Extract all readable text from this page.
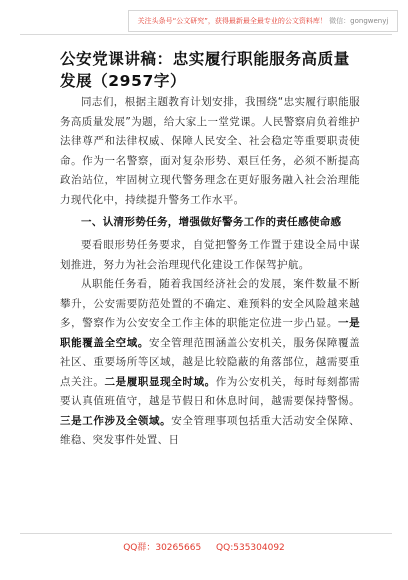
关注头条号“公文研究”，获得最新最全最专业的公文资料库！ 微信：gongwenyj
公安党课讲稿：忠实履行职能服务高质量发展（2957字）

同志们，根据主题教育计划安排，我围绕“忠实履行职能服务高质量发展”为题，给大家上一堂党课。人民警察肩负着维护法律尊严和法律权威、保障人民安全、社会稳定等重要职责使命。作为一名警察，面对复杂形势、艰巨任务，必须不断提高政治站位，牢固树立现代警务理念在更好服务融入社会治理能力现代化中，持续提升警务工作水平。

一、认清形势任务，增强做好警务工作的责任感使命感

要看眼形势任务要求，自觉把警务工作置于建设全局中谋划推进，努力为社会治理现代化建设工作保驾护航。

从职能任务看，随着我国经济社会的发展，案件数量不断攀升，公安需要防范处置的不确定、难预料的安全风险越来越多，警察作为公安安全工作主体的职能定位进一步凸显。一是职能覆盖全空域。安全管理范围涵盖公安机关，服务保障覆盖社区、重要场所等区域，越是比较隐蔽的角落部位，越需要重点关注。二是履职显现全时域。作为公安机关，每时每刻都需要认真值班值守，越是节假日和休息时间，越需要保持警惕。三是工作涉及全领域。安全管理事项包括重大活动安全保障、维稳、突发事件处置、日

QQ群：30265665 QQ:535304092
